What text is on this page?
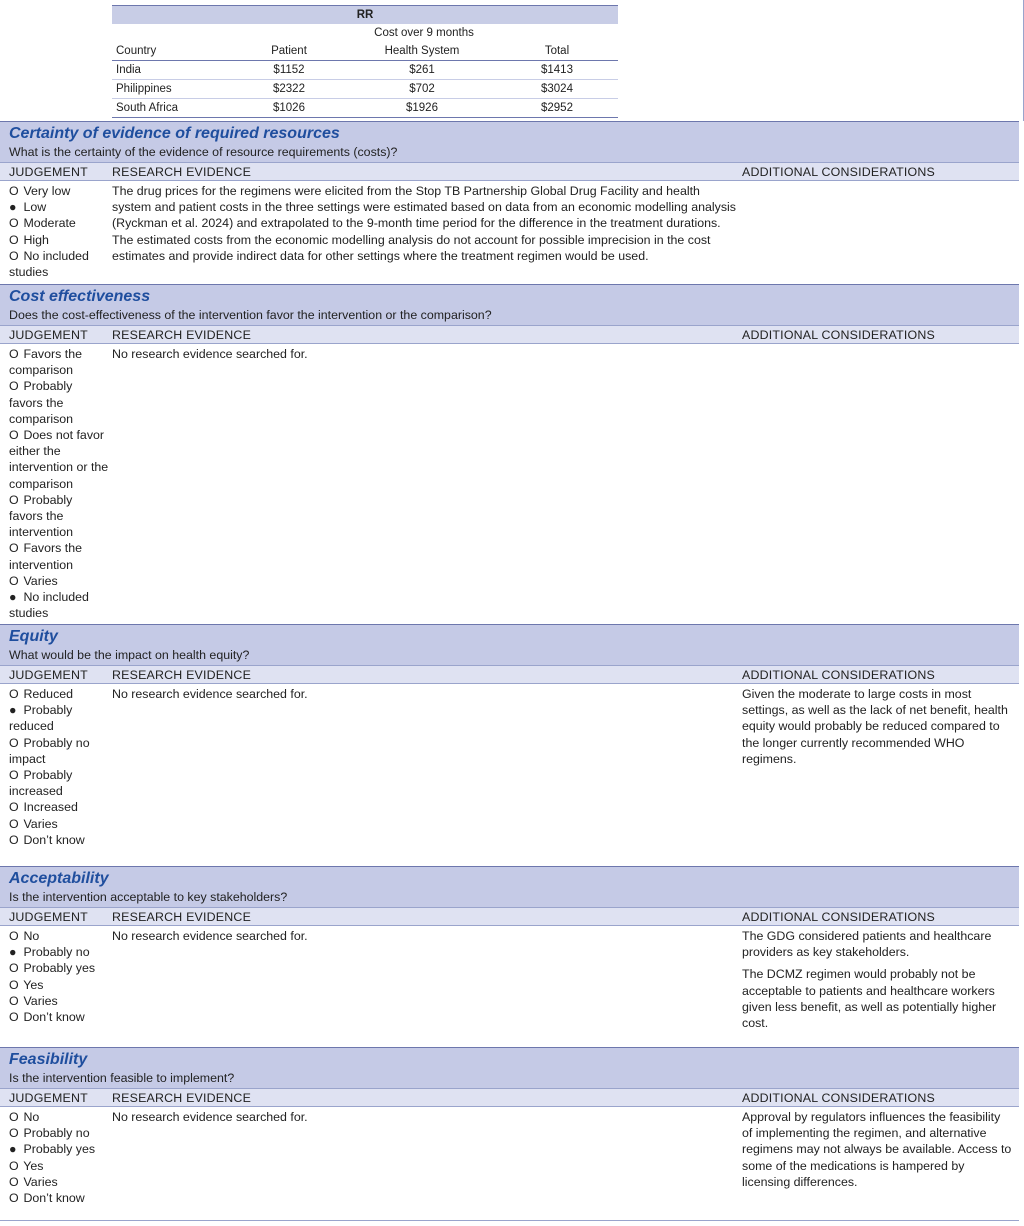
RR			
	Cost over 9 months		
Country	Patient	Health System	Total
India	$1152	$261	$1413
Philippines	$2322	$702	$3024
South Africa	$1026	$1926	$2952
Certainty of evidence of required resources
What is the certainty of the evidence of resource requirements (costs)?
JUDGEMENT RESEARCH EVIDENCE	ADDITIONAL CONSIDERATIONS
O Very low
● Low
O Moderate
O High
O No included studies
The drug prices for the regimens were elicited from the Stop TB Partnership Global Drug Facility and health system and patient costs in the three settings were estimated based on data from an economic modelling analysis (Ryckman et al. 2024) and extrapolated to the 9-month time period for the difference in the treatment durations. The estimated costs from the economic modelling analysis do not account for possible imprecision in the cost estimates and provide indirect data for other settings where the treatment regimen would be used.
Cost effectiveness
Does the cost-effectiveness of the intervention favor the intervention or the comparison?
JUDGEMENT RESEARCH EVIDENCE	ADDITIONAL CONSIDERATIONS
O Favors the comparison
O Probably favors the comparison
O Does not favor either the intervention or the comparison
O Probably favors the intervention
O Favors the intervention
O Varies
● No included studies
No research evidence searched for.
Equity
What would be the impact on health equity?
JUDGEMENT RESEARCH EVIDENCE	ADDITIONAL CONSIDERATIONS
O Reduced
● Probably reduced
O Probably no impact
O Probably increased
O Increased
O Varies
O Don’t know
No research evidence searched for.	Given the moderate to large costs in most settings, as well as the lack of net benefit, health equity would probably be reduced compared to the longer currently recommended WHO regimens.

Acceptability
Is the intervention acceptable to key stakeholders?
JUDGEMENT RESEARCH EVIDENCE	ADDITIONAL CONSIDERATIONS
O No
● Probably no
O Probably yes
O Yes
O Varies
O Don’t know
No research evidence searched for.	The GDG considered patients and healthcare providers as key stakeholders.

The DCMZ regimen would probably not be acceptable to patients and healthcare workers given less benefit, as well as potentially higher cost.

Feasibility
Is the intervention feasible to implement?
JUDGEMENT RESEARCH EVIDENCE	ADDITIONAL CONSIDERATIONS
O No
O Probably no
● Probably yes
O Yes
O Varies
O Don’t know
No research evidence searched for.	Approval by regulators influences the feasibility of implementing the regimen, and alternative regimens may not always be available. Access to some of the medications is hampered by licensing differences.
